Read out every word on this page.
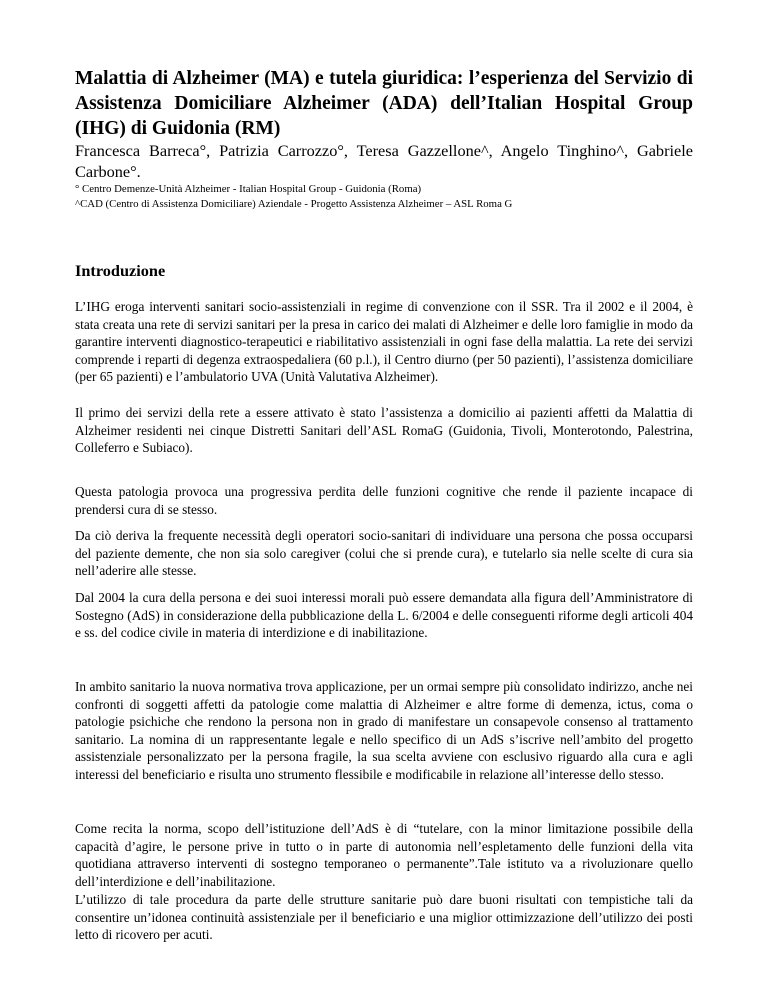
Malattia di Alzheimer (MA) e tutela giuridica: l’esperienza del Servizio di Assistenza Domiciliare Alzheimer (ADA) dell’Italian Hospital Group (IHG) di Guidonia (RM)
Francesca Barreca°, Patrizia Carrozzo°, Teresa Gazzellone^, Angelo Tinghino^, Gabriele Carbone°.
° Centro Demenze-Unità Alzheimer - Italian Hospital Group - Guidonia (Roma)
^CAD (Centro di Assistenza Domiciliare) Aziendale - Progetto Assistenza Alzheimer – ASL Roma G
Introduzione

L’IHG eroga interventi sanitari socio-assistenziali in regime di convenzione con il SSR. Tra il 2002 e il 2004, è stata creata una rete di servizi sanitari per la presa in carico dei malati di Alzheimer e delle loro famiglie in modo da garantire interventi diagnostico-terapeutici e riabilitativo assistenziali in ogni fase della malattia. La rete dei servizi comprende i reparti di degenza extraospedaliera (60 p.l.), il Centro diurno (per 50 pazienti), l’assistenza domiciliare (per 65 pazienti) e l’ambulatorio UVA (Unità Valutativa Alzheimer).

Il primo dei servizi della rete a essere attivato è stato l’assistenza a domicilio ai pazienti affetti da Malattia di Alzheimer residenti nei cinque Distretti Sanitari dell’ASL RomaG (Guidonia, Tivoli, Monterotondo, Palestrina, Colleferro e Subiaco).

Questa patologia provoca una progressiva perdita delle funzioni cognitive che rende il paziente incapace di prendersi cura di se stesso.

Da ciò deriva la frequente necessità degli operatori socio-sanitari di individuare una persona che possa occuparsi del paziente demente, che non sia solo caregiver (colui che si prende cura), e tutelarlo sia nelle scelte di cura sia nell’aderire alle stesse.

Dal 2004 la cura della persona e dei suoi interessi morali può essere demandata alla figura dell’Amministratore di Sostegno (AdS) in considerazione della pubblicazione della L. 6/2004 e delle conseguenti riforme degli articoli 404 e ss. del codice civile in materia di interdizione e di inabilitazione.

In ambito sanitario la nuova normativa trova applicazione, per un ormai sempre più consolidato indirizzo, anche nei confronti di soggetti affetti da patologie come malattia di Alzheimer e altre forme di demenza, ictus, coma o patologie psichiche che rendono la persona non in grado di manifestare un consapevole consenso al trattamento sanitario. La nomina di un rappresentante legale e nello specifico di un AdS s’iscrive nell’ambito del progetto assistenziale personalizzato per la persona fragile, la sua scelta avviene con esclusivo riguardo alla cura e agli interessi del beneficiario e risulta uno strumento flessibile e modificabile in relazione all’interesse dello stesso.

Come recita la norma, scopo dell’istituzione dell’AdS è di “tutelare, con la minor limitazione possibile della capacità d’agire, le persone prive in tutto o in parte di autonomia nell’espletamento delle funzioni della vita quotidiana attraverso interventi di sostegno temporaneo o permanente”.Tale istituto va a rivoluzionare quello dell’interdizione e dell’inabilitazione.

L’utilizzo di tale procedura da parte delle strutture sanitarie può dare buoni risultati con tempistiche tali da consentire un’idonea continuità assistenziale per il beneficiario e una miglior ottimizzazione dell’utilizzo dei posti letto di ricovero per acuti.
